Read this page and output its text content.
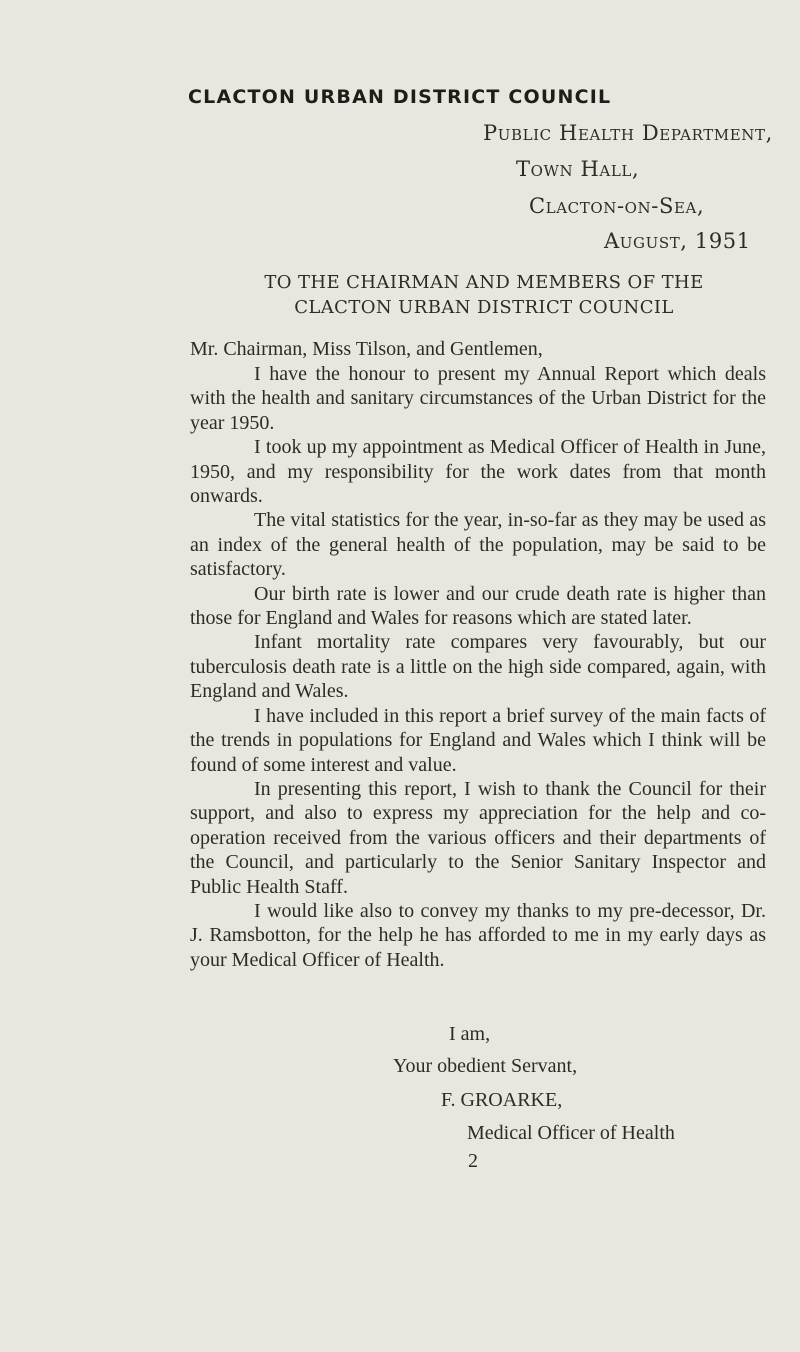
CLACTON URBAN DISTRICT COUNCIL
Public Health Department,
Town Hall,
Clacton-on-Sea,
August, 1951
TO THE CHAIRMAN AND MEMBERS OF THE
CLACTON URBAN DISTRICT COUNCIL
Mr. Chairman, Miss Tilson, and Gentlemen,

I have the honour to present my Annual Report which deals with the health and sanitary circumstances of the Urban District for the year 1950.

I took up my appointment as Medical Officer of Health in June, 1950, and my responsibility for the work dates from that month onwards.

The vital statistics for the year, in-so-far as they may be used as an index of the general health of the population, may be said to be satisfactory.

Our birth rate is lower and our crude death rate is higher than those for England and Wales for reasons which are stated later.

Infant mortality rate compares very favourably, but our tuberculosis death rate is a little on the high side compared, again, with England and Wales.

I have included in this report a brief survey of the main facts of the trends in populations for England and Wales which I think will be found of some interest and value.

In presenting this report, I wish to thank the Council for their support, and also to express my appreciation for the help and co-operation received from the various officers and their departments of the Council, and particularly to the Senior Sanitary Inspector and Public Health Staff.

I would like also to convey my thanks to my pre-decessor, Dr. J. Ramsbotton, for the help he has afforded to me in my early days as your Medical Officer of Health.

I am,
Your obedient Servant,
F. GROARKE,
Medical Officer of Health
2
